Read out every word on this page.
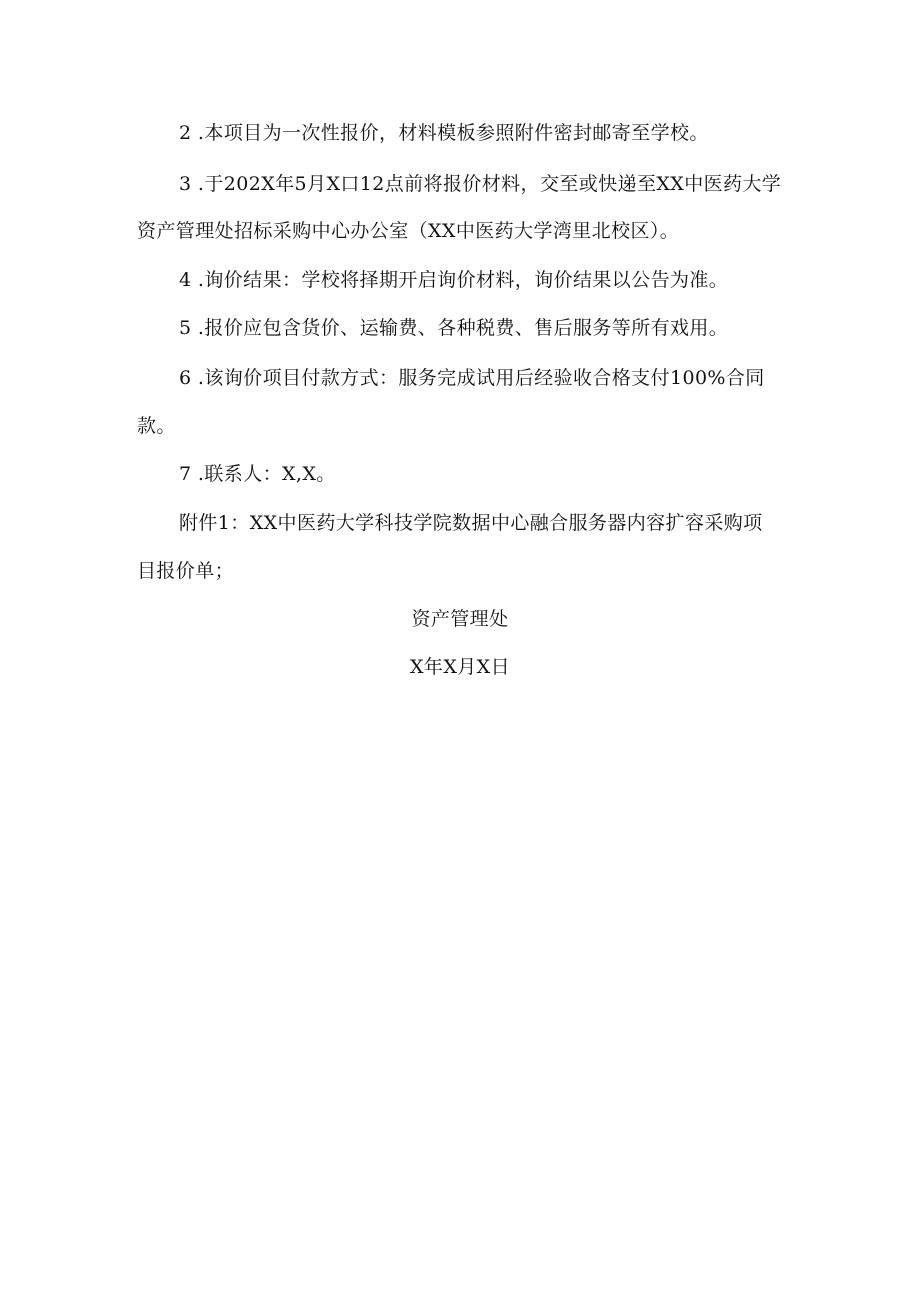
2 .本项目为一次性报价，材料模板参照附件密封邮寄至学校。
3 .于202X年5月X口12点前将报价材料，交至或快递至XX中医药大学
资产管理处招标采购中心办公室（XX中医药大学湾里北校区）。
4 .询价结果：学校将择期开启询价材料，询价结果以公告为准。
5 .报价应包含货价、运输费、各种税费、售后服务等所有戏用。
6 .该询价项目付款方式：服务完成试用后经验收合格支付100%合同
款。
7 .联系人：X,X。
附件1：XX中医药大学科技学院数据中心融合服务器内容扩容采购项
目报价单；
资产管理处
X年X月X日
